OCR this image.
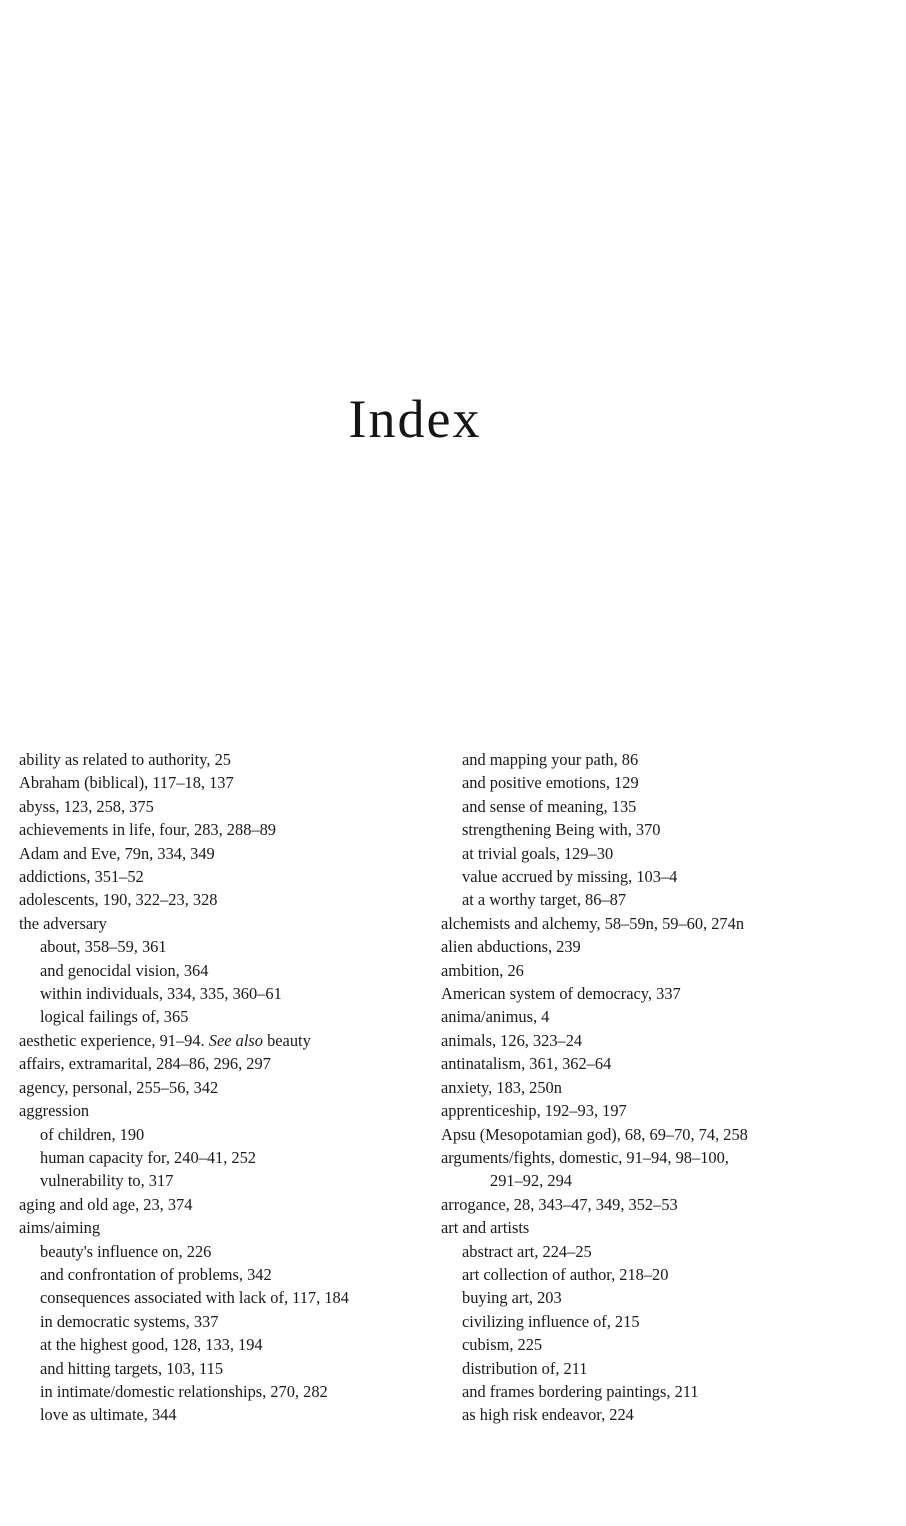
Index
ability as related to authority, 25
Abraham (biblical), 117–18, 137
abyss, 123, 258, 375
achievements in life, four, 283, 288–89
Adam and Eve, 79n, 334, 349
addictions, 351–52
adolescents, 190, 322–23, 328
the adversary
about, 358–59, 361
and genocidal vision, 364
within individuals, 334, 335, 360–61
logical failings of, 365
aesthetic experience, 91–94. See also beauty
affairs, extramarital, 284–86, 296, 297
agency, personal, 255–56, 342
aggression
of children, 190
human capacity for, 240–41, 252
vulnerability to, 317
aging and old age, 23, 374
aims/aiming
beauty's influence on, 226
and confrontation of problems, 342
consequences associated with lack of, 117, 184
in democratic systems, 337
at the highest good, 128, 133, 194
and hitting targets, 103, 115
in intimate/domestic relationships, 270, 282
love as ultimate, 344
and mapping your path, 86
and positive emotions, 129
and sense of meaning, 135
strengthening Being with, 370
at trivial goals, 129–30
value accrued by missing, 103–4
at a worthy target, 86–87
alchemists and alchemy, 58–59n, 59–60, 274n
alien abductions, 239
ambition, 26
American system of democracy, 337
anima/animus, 4
animals, 126, 323–24
antinatalism, 361, 362–64
anxiety, 183, 250n
apprenticeship, 192–93, 197
Apsu (Mesopotamian god), 68, 69–70, 74, 258
arguments/fights, domestic, 91–94, 98–100,
291–92, 294
arrogance, 28, 343–47, 349, 352–53
art and artists
abstract art, 224–25
art collection of author, 218–20
buying art, 203
civilizing influence of, 215
cubism, 225
distribution of, 211
and frames bordering paintings, 211
as high risk endeavor, 224
